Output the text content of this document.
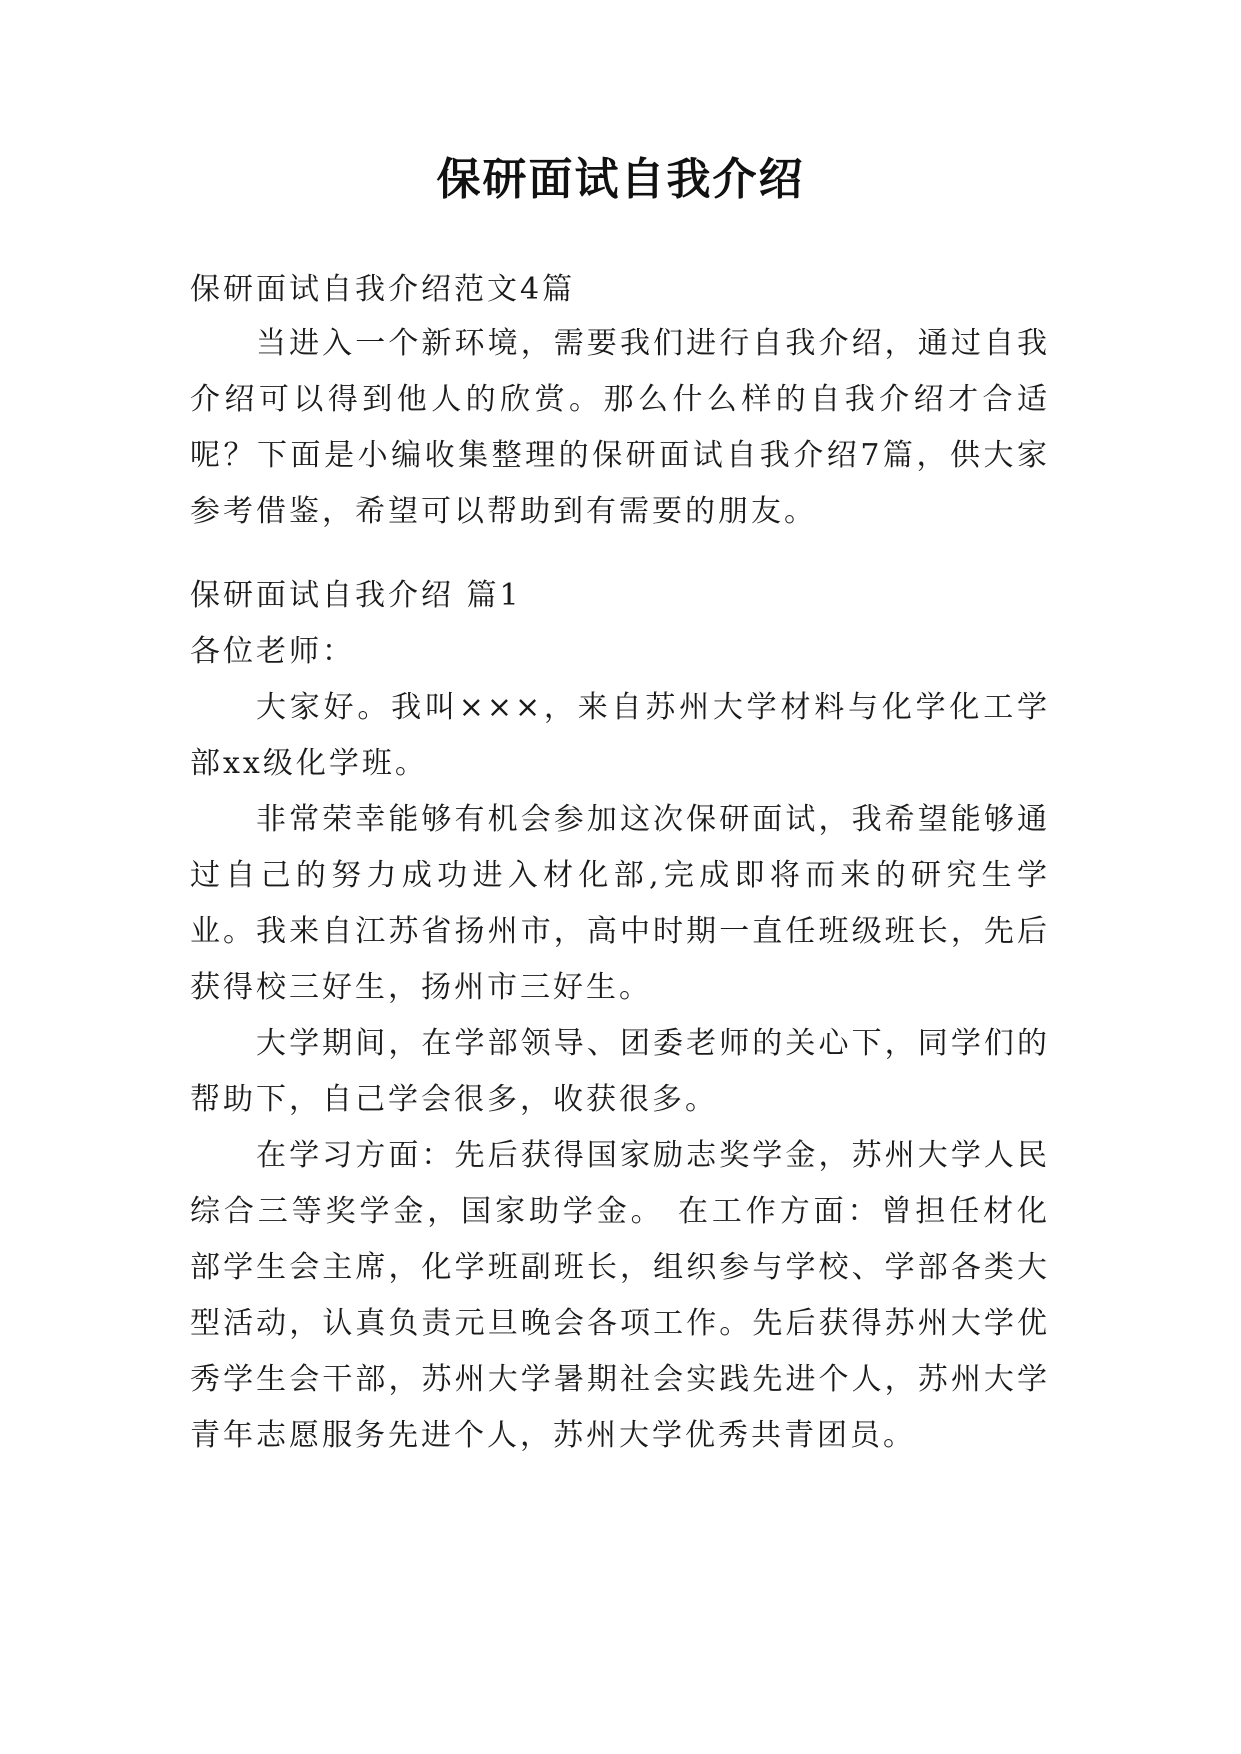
保研面试自我介绍

保研面试自我介绍范文4篇

当进入一个新环境，需要我们进行自我介绍，通过自我介绍可以得到他人的欣赏。那么什么样的自我介绍才合适呢？下面是小编收集整理的保研面试自我介绍7篇，供大家参考借鉴，希望可以帮助到有需要的朋友。

保研面试自我介绍 篇1

各位老师：

大家好。我叫×××，来自苏州大学材料与化学化工学部xx级化学班。

非常荣幸能够有机会参加这次保研面试，我希望能够通过自己的努力成功进入材化部,完成即将而来的研究生学业。 我来自江苏省扬州市，高中时期一直任班级班长，先后获得校三好生，扬州市三好生。

大学期间，在学部领导、团委老师的关心下，同学们的帮助下，自己学会很多，收获很多。

在学习方面：先后获得国家励志奖学金，苏州大学人民综合三等奖学金，国家助学金。 在工作方面：曾担任材化部学生会主席，化学班副班长，组织参与学校、学部各类大型活动，认真负责元旦晚会各项工作。先后获得苏州大学优秀学生会干部，苏州大学暑期社会实践先进个人，苏州大学青年志愿服务先进个人，苏州大学优秀共青团员。
